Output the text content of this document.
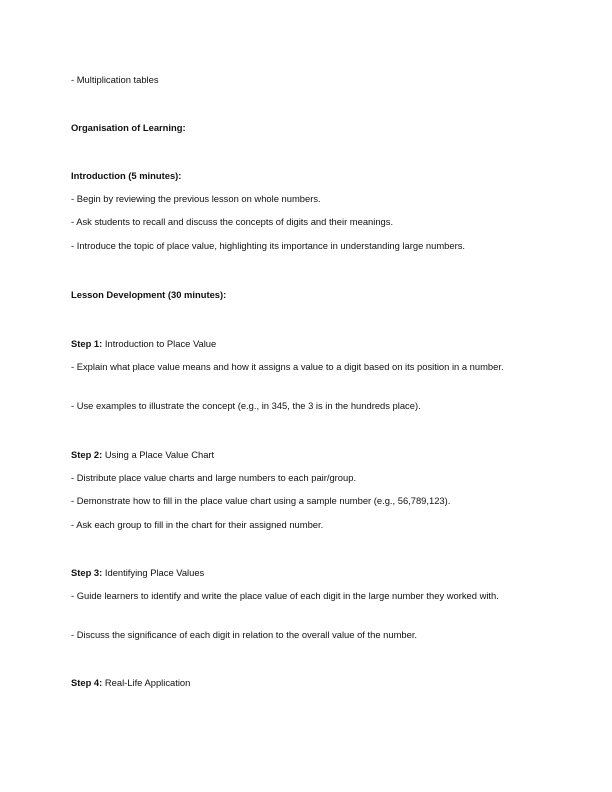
- Multiplication tables
Organisation of Learning:
Introduction (5 minutes):
- Begin by reviewing the previous lesson on whole numbers.
- Ask students to recall and discuss the concepts of digits and their meanings.
- Introduce the topic of place value, highlighting its importance in understanding large numbers.
Lesson Development (30 minutes):
Step 1: Introduction to Place Value
- Explain what place value means and how it assigns a value to a digit based on its position in a number.
- Use examples to illustrate the concept (e.g., in 345, the 3 is in the hundreds place).
Step 2: Using a Place Value Chart
- Distribute place value charts and large numbers to each pair/group.
- Demonstrate how to fill in the place value chart using a sample number (e.g., 56,789,123).
- Ask each group to fill in the chart for their assigned number.
Step 3: Identifying Place Values
- Guide learners to identify and write the place value of each digit in the large number they worked with.
- Discuss the significance of each digit in relation to the overall value of the number.
Step 4: Real-Life Application
